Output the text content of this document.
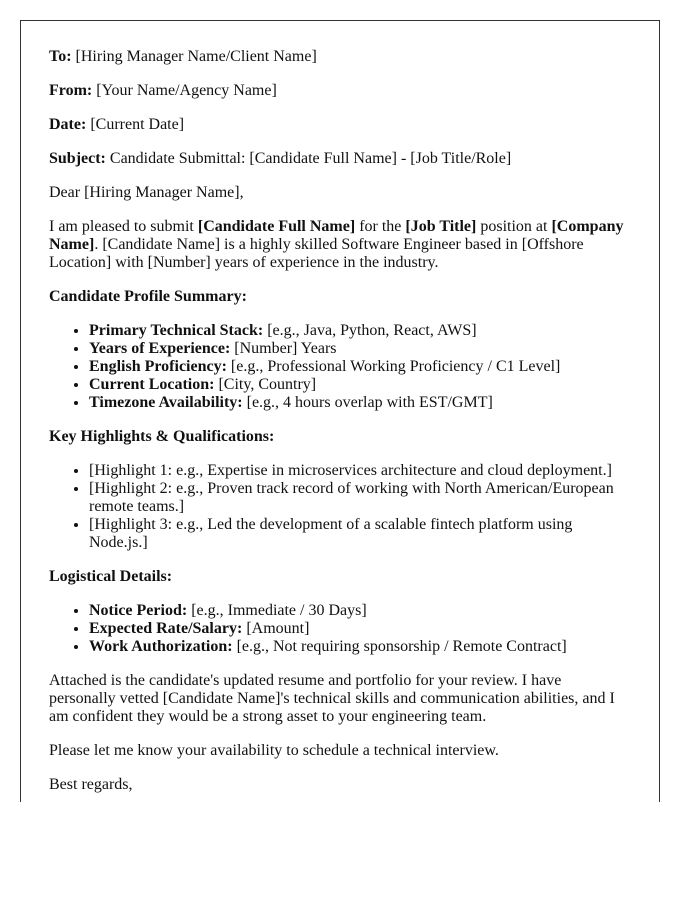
To: [Hiring Manager Name/Client Name]

From: [Your Name/Agency Name]

Date: [Current Date]

Subject: Candidate Submittal: [Candidate Full Name] - [Job Title/Role]

Dear [Hiring Manager Name],

I am pleased to submit [Candidate Full Name] for the [Job Title] position at [Company Name]. [Candidate Name] is a highly skilled Software Engineer based in [Offshore Location] with [Number] years of experience in the industry.

Candidate Profile Summary:

• Primary Technical Stack: [e.g., Java, Python, React, AWS]
• Years of Experience: [Number] Years
• English Proficiency: [e.g., Professional Working Proficiency / C1 Level]
• Current Location: [City, Country]
• Timezone Availability: [e.g., 4 hours overlap with EST/GMT]

Key Highlights & Qualifications:

• [Highlight 1: e.g., Expertise in microservices architecture and cloud deployment.]
• [Highlight 2: e.g., Proven track record of working with North American/European remote teams.]
• [Highlight 3: e.g., Led the development of a scalable fintech platform using Node.js.]

Logistical Details:

• Notice Period: [e.g., Immediate / 30 Days]
• Expected Rate/Salary: [Amount]
• Work Authorization: [e.g., Not requiring sponsorship / Remote Contract]

Attached is the candidate's updated resume and portfolio for your review. I have personally vetted [Candidate Name]'s technical skills and communication abilities, and I am confident they would be a strong asset to your engineering team.

Please let me know your availability to schedule a technical interview.

Best regards,
